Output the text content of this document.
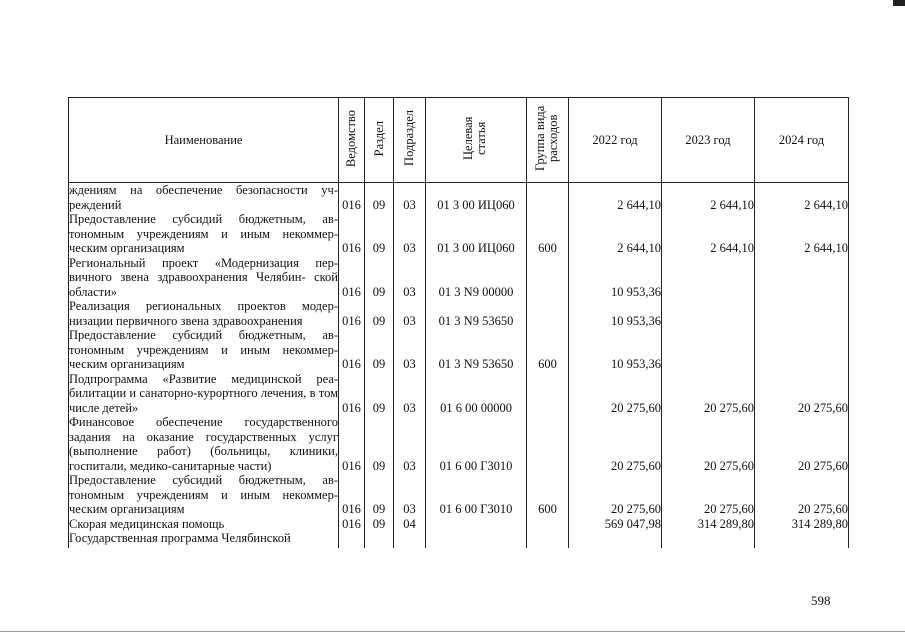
Наименование	Ведомство	Раздел	Подраздел	Целевая статья	Группа вида расходов	2022 год	2023 год	2024 год
ждениям на обеспечение безопасности уч- реждений	016	09	03	01 3 00 ИЦ060		2 644,10	2 644,10	2 644,10
Предоставление субсидий бюджетным, ав- тономным учреждениям и иным некоммер- ческим организациям	016	09	03	01 3 00 ИЦ060	600	2 644,10	2 644,10	2 644,10
Региональный проект «Модернизация пер- вичного звена здравоохранения Челябин- ской области»	016	09	03	01 3 N9 00000		10 953,36		
Реализация региональных проектов модер- низации первичного звена здравоохранения	016	09	03	01 3 N9 53650		10 953,36		
Предоставление субсидий бюджетным, ав- тономным учреждениям и иным некоммер- ческим организациям	016	09	03	01 3 N9 53650	600	10 953,36		
Подпрограмма «Развитие медицинской реа- билитации и санаторно-курортного лечения, в том числе детей»	016	09	03	01 6 00 00000		20 275,60	20 275,60	20 275,60
Финансовое обеспечение государственного задания на оказание государственных услуг (выполнение работ) (больницы, клиники, госпитали, медико-санитарные части)	016	09	03	01 6 00 Г3010		20 275,60	20 275,60	20 275,60
Предоставление субсидий бюджетным, ав- тономным учреждениям и иным некоммер- ческим организациям	016	09	03	01 6 00 Г3010	600	20 275,60	20 275,60	20 275,60
Скорая медицинская помощь	016	09	04			569 047,98	314 289,80	314 289,80
Государственная программа Челябинской								
598
